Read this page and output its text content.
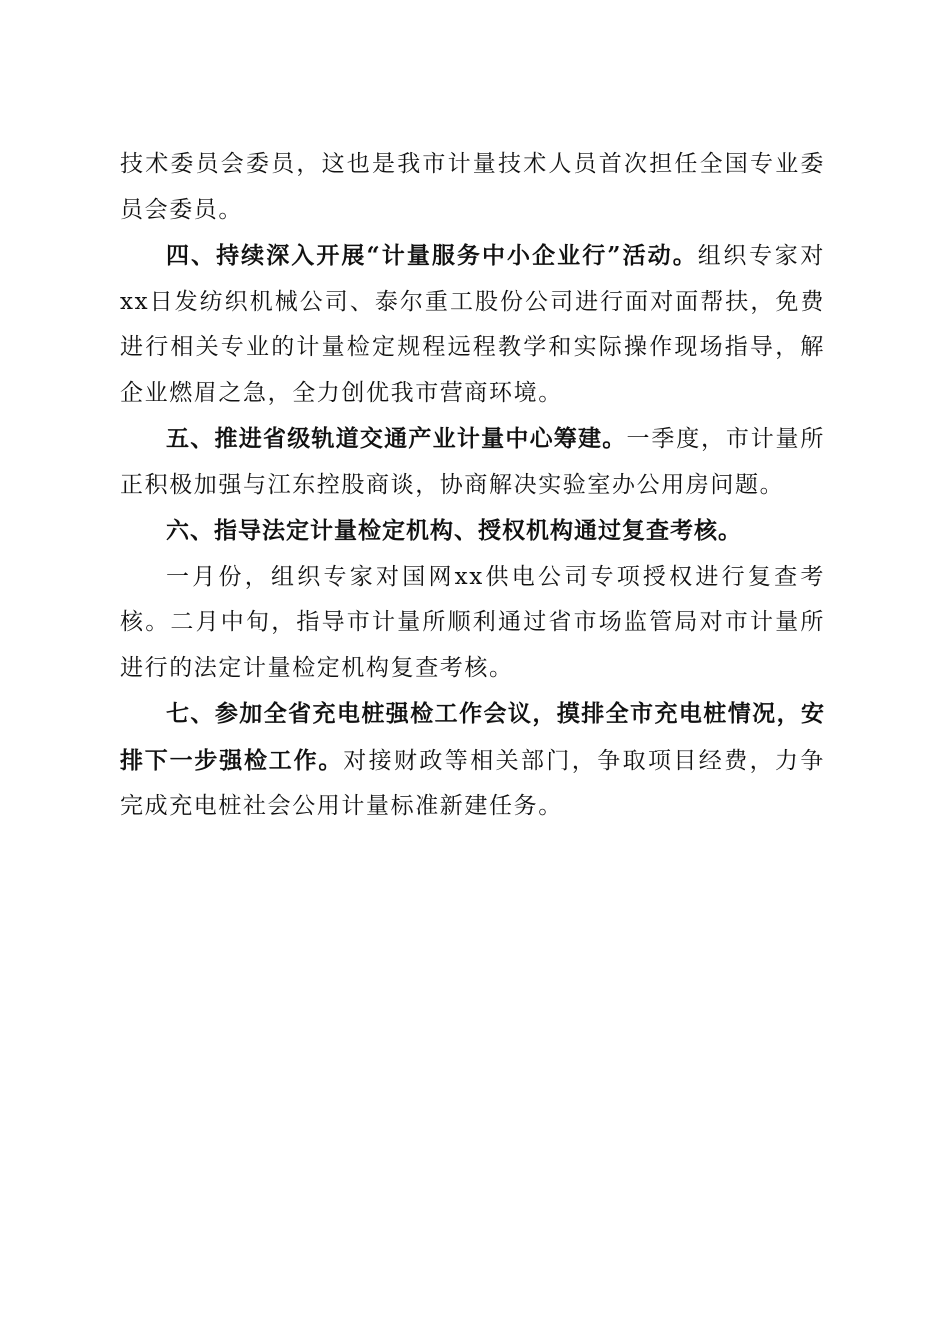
技术委员会委员，这也是我市计量技术人员首次担任全国专业委员会委员。

四、持续深入开展“计量服务中小企业行”活动。组织专家对xx日发纺织机械公司、泰尔重工股份公司进行面对面帮扶，免费进行相关专业的计量检定规程远程教学和实际操作现场指导，解企业燃眉之急，全力创优我市营商环境。

五、推进省级轨道交通产业计量中心筹建。一季度，市计量所正积极加强与江东控股商谈，协商解决实验室办公用房问题。

六、指导法定计量检定机构、授权机构通过复查考核。

一月份，组织专家对国网xx供电公司专项授权进行复查考核。二月中旬，指导市计量所顺利通过省市场监管局对市计量所进行的法定计量检定机构复查考核。

七、参加全省充电桩强检工作会议，摸排全市充电桩情况，安排下一步强检工作。对接财政等相关部门，争取项目经费，力争完成充电桩社会公用计量标准新建任务。
